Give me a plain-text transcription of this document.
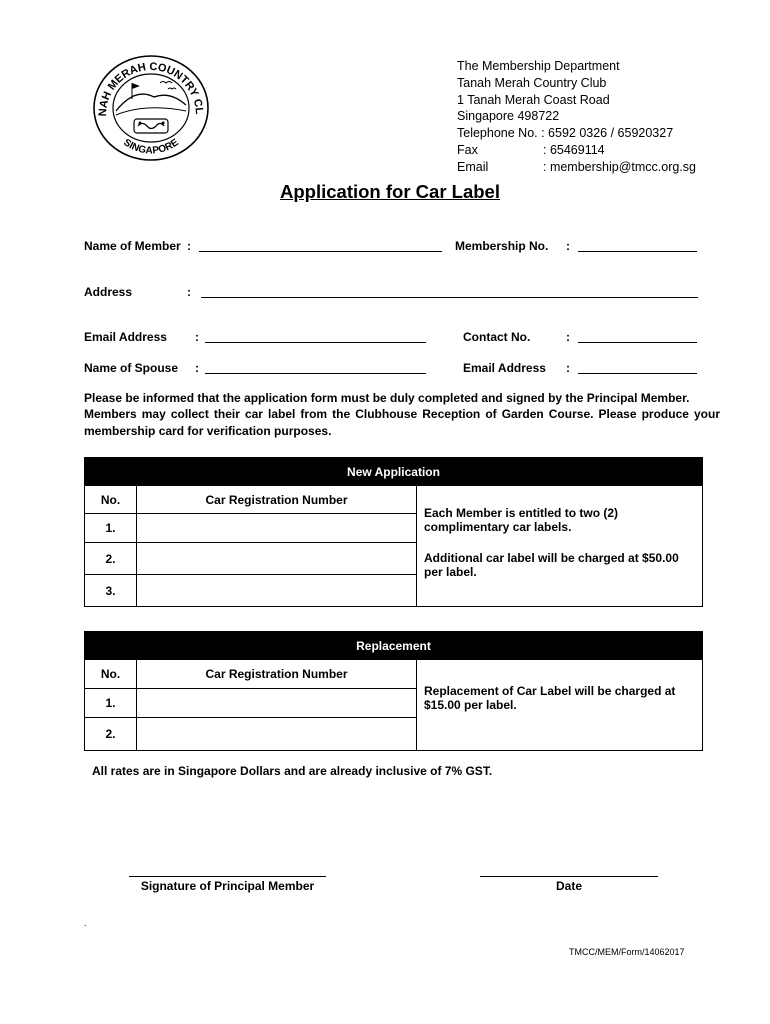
NAH MERAH COUNTRY CL
SINGAPORE
The Membership Department
Tanah Merah Country Club
1 Tanah Merah Coast Road
Singapore 498722
Telephone No. : 6592 0326 / 65920327
Fax	: 65469114
Email	: membership@tmcc.org.sg
Application for Car Label
Name of Member :	Membership No. :
Address	:
Email Address :	Contact No.	:
Name of Spouse :	Email Address :
Please be informed that the application form must be duly completed and signed by the Principal Member.
Members may collect their car label from the Clubhouse Reception of Garden Course. Please produce your
membership card for verification purposes.
New Application		
No.	Car Registration Number	Each Member is entitled to two (2) complimentary car labels.
Additional car label will be charged at $50.00 per label.

1.		
2.		
3.		
Replacement		
No.	Car Registration Number	Replacement of Car Label will be charged at $15.00 per label.

1.		
2.		
All rates are in Singapore Dollars and are already inclusive of 7% GST.
Signature of Principal Member	Date
.
TMCC/MEM/Form/14062017
